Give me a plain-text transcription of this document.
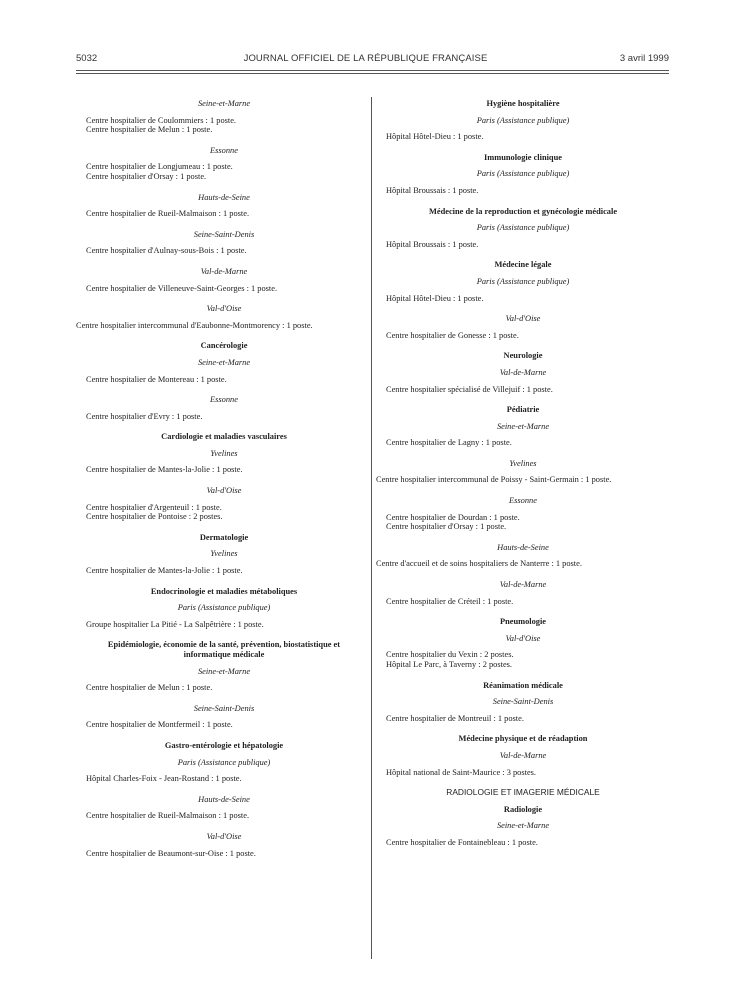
5032	JOURNAL OFFICIEL DE LA RÉPUBLIQUE FRANÇAISE	3 avril 1999
Seine-et-Marne
Centre hospitalier de Coulommiers : 1 poste.
Centre hospitalier de Melun : 1 poste.
Essonne
Centre hospitalier de Longjumeau : 1 poste.
Centre hospitalier d'Orsay : 1 poste.
Hauts-de-Seine
Centre hospitalier de Rueil-Malmaison : 1 poste.
Seine-Saint-Denis
Centre hospitalier d'Aulnay-sous-Bois : 1 poste.
Val-de-Marne
Centre hospitalier de Villeneuve-Saint-Georges : 1 poste.
Val-d'Oise
Centre hospitalier intercommunal d'Eaubonne-Montmorency : 1 poste.
Cancérologie
Seine-et-Marne
Centre hospitalier de Montereau : 1 poste.
Essonne
Centre hospitalier d'Evry : 1 poste.
Cardiologie et maladies vasculaires
Yvelines
Centre hospitalier de Mantes-la-Jolie : 1 poste.
Val-d'Oise
Centre hospitalier d'Argenteuil : 1 poste.
Centre hospitalier de Pontoise : 2 postes.
Dermatologie
Yvelines
Centre hospitalier de Mantes-la-Jolie : 1 poste.
Endocrinologie et maladies métaboliques
Paris (Assistance publique)
Groupe hospitalier La Pitié - La Salpêtrière : 1 poste.
Epidémiologie, économie de la santé, prévention, biostatistique et informatique médicale
Seine-et-Marne
Centre hospitalier de Melun : 1 poste.
Seine-Saint-Denis
Centre hospitalier de Montfermeil : 1 poste.
Gastro-entérologie et hépatologie
Paris (Assistance publique)
Hôpital Charles-Foix - Jean-Rostand : 1 poste.
Hauts-de-Seine
Centre hospitalier de Rueil-Malmaison : 1 poste.
Val-d'Oise
Centre hospitalier de Beaumont-sur-Oise : 1 poste.
Hygiène hospitalière
Paris (Assistance publique)
Hôpital Hôtel-Dieu : 1 poste.
Immunologie clinique
Paris (Assistance publique)
Hôpital Broussais : 1 poste.
Médecine de la reproduction et gynécologie médicale
Paris (Assistance publique)
Hôpital Broussais : 1 poste.
Médecine légale
Paris (Assistance publique)
Hôpital Hôtel-Dieu : 1 poste.
Val-d'Oise
Centre hospitalier de Gonesse : 1 poste.
Neurologie
Val-de-Marne
Centre hospitalier spécialisé de Villejuif : 1 poste.
Pédiatrie
Seine-et-Marne
Centre hospitalier de Lagny : 1 poste.
Yvelines
Centre hospitalier intercommunal de Poissy - Saint-Germain : 1 poste.
Essonne
Centre hospitalier de Dourdan : 1 poste.
Centre hospitalier d'Orsay : 1 poste.
Hauts-de-Seine
Centre d'accueil et de soins hospitaliers de Nanterre : 1 poste.
Val-de-Marne
Centre hospitalier de Créteil : 1 poste.
Pneumologie
Val-d'Oise
Centre hospitalier du Vexin : 2 postes.
Hôpital Le Parc, à Taverny : 2 postes.
Réanimation médicale
Seine-Saint-Denis
Centre hospitalier de Montreuil : 1 poste.
Médecine physique et de réadaption
Val-de-Marne
Hôpital national de Saint-Maurice : 3 postes.
RADIOLOGIE ET IMAGERIE MÉDICALE
Radiologie
Seine-et-Marne
Centre hospitalier de Fontainebleau : 1 poste.
